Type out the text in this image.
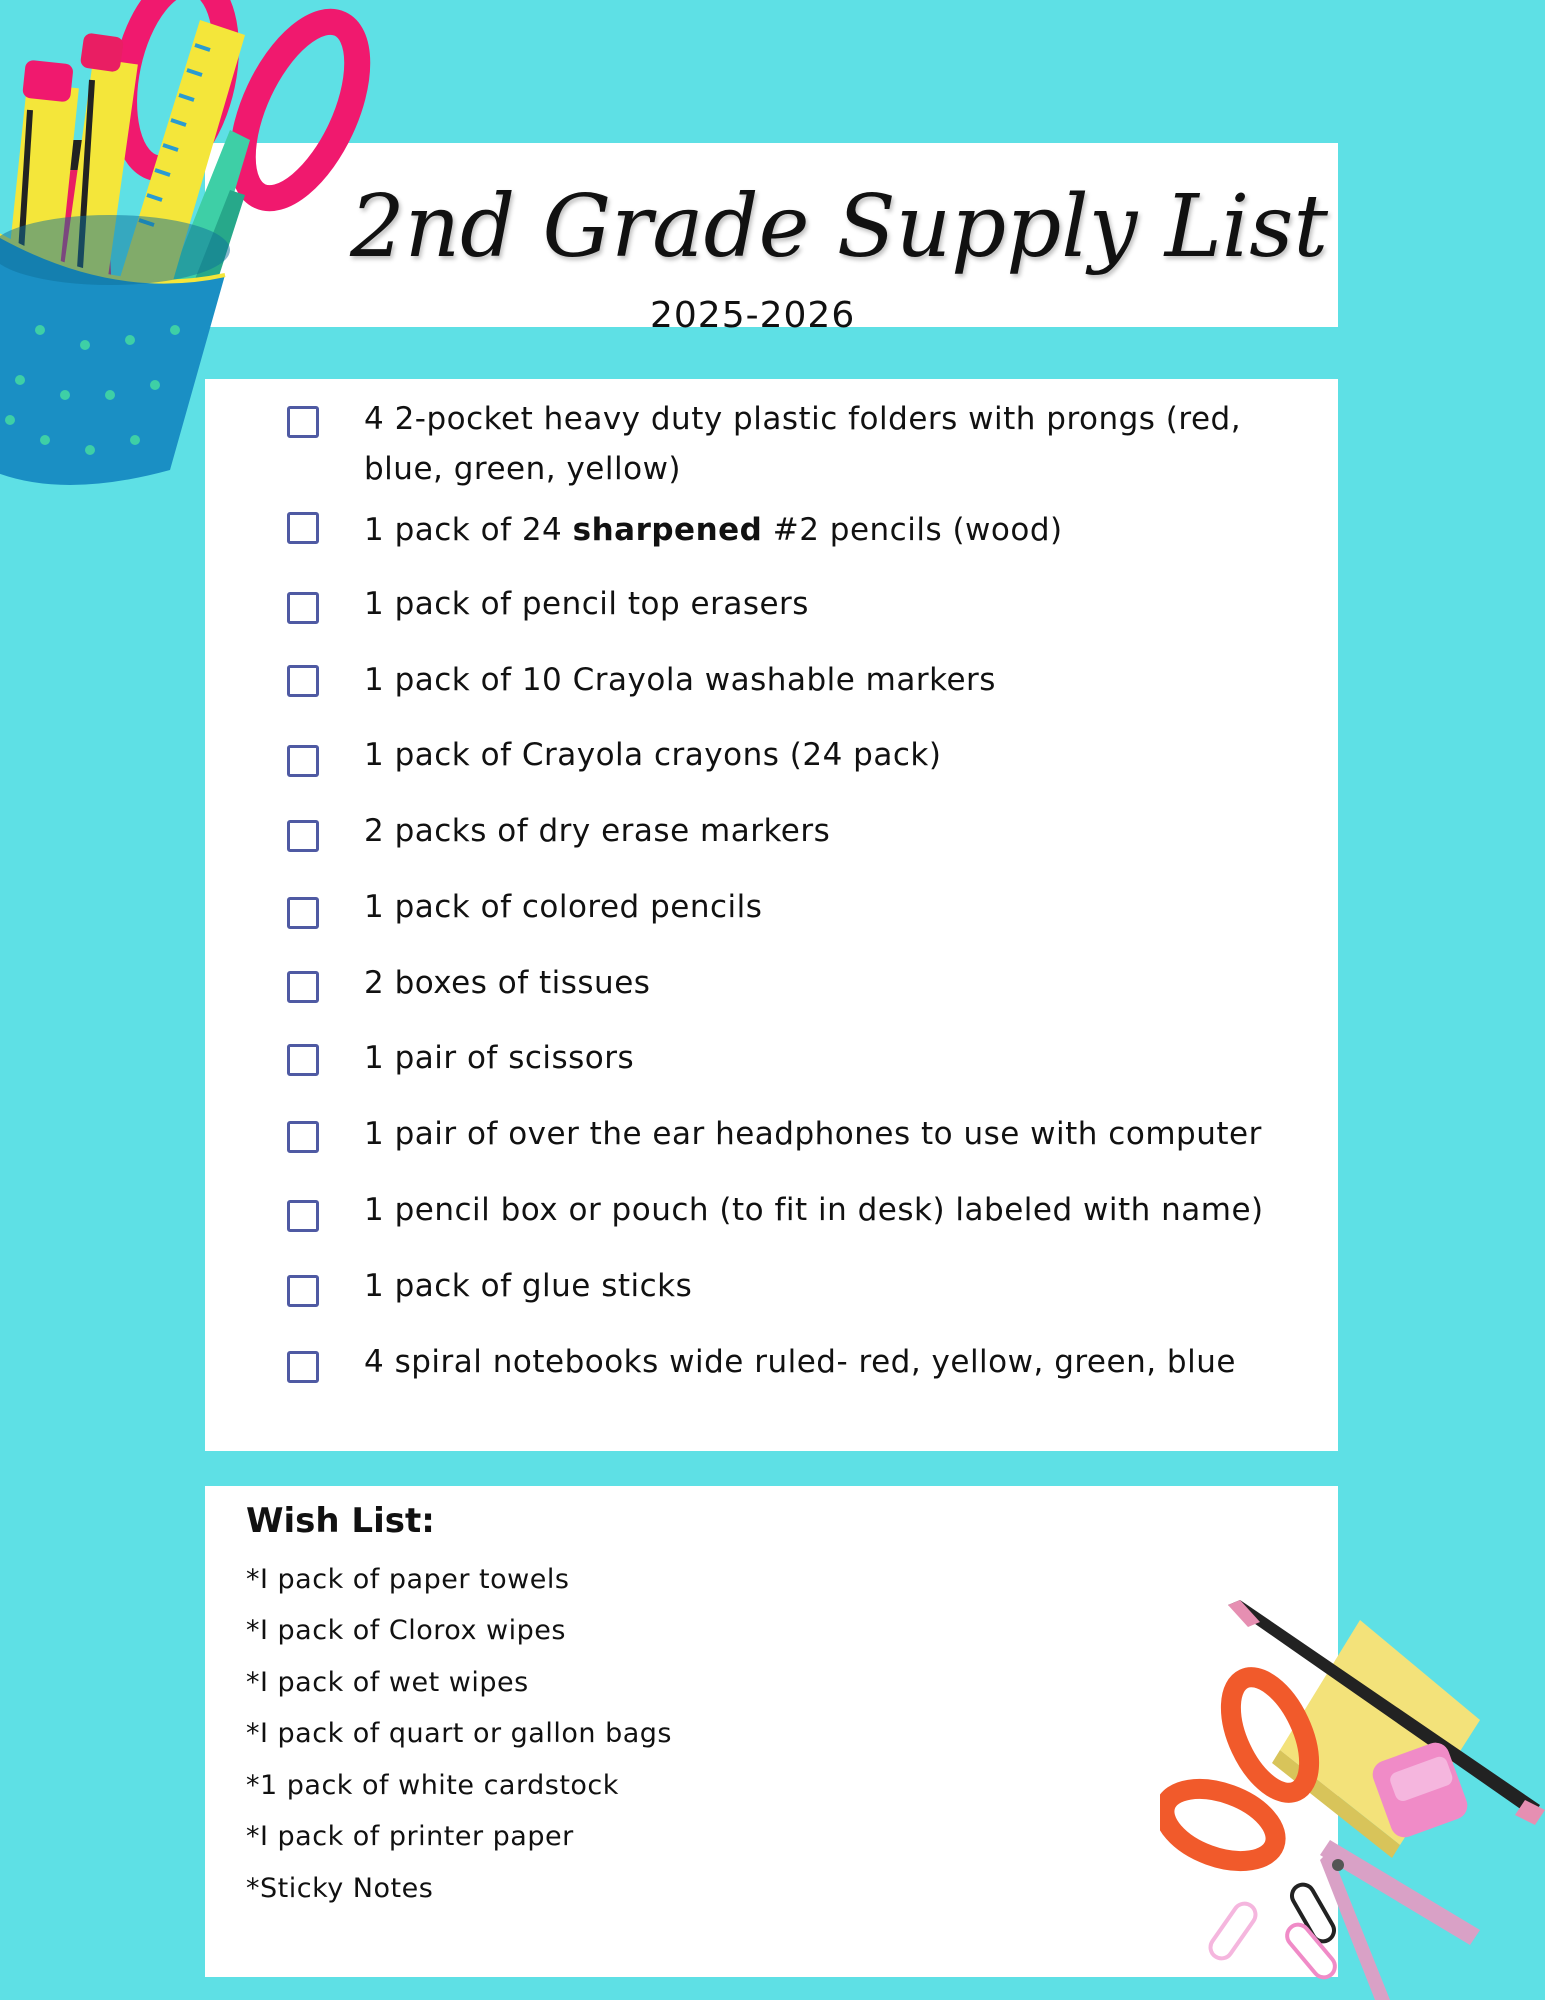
2nd Grade Supply List
2025-2026
4 2-pocket heavy duty plastic folders with prongs (red,
blue, green, yellow)
1 pack of 24 sharpened #2 pencils (wood)
1 pack of pencil top erasers
1 pack of 10 Crayola washable markers
1 pack of Crayola crayons (24 pack)
2 packs of dry erase markers
1 pack of colored pencils
2 boxes of tissues
1 pair of scissors
1 pair of over the ear headphones to use with computer
1 pencil box or pouch (to fit in desk) labeled with name)
1 pack of glue sticks
4 spiral notebooks wide ruled- red, yellow, green, blue
Wish List:
*I pack of paper towels
*I pack of Clorox wipes
*I pack of wet wipes
*I pack of quart or gallon bags
*1 pack of white cardstock
*I pack of printer paper
*Sticky Notes
